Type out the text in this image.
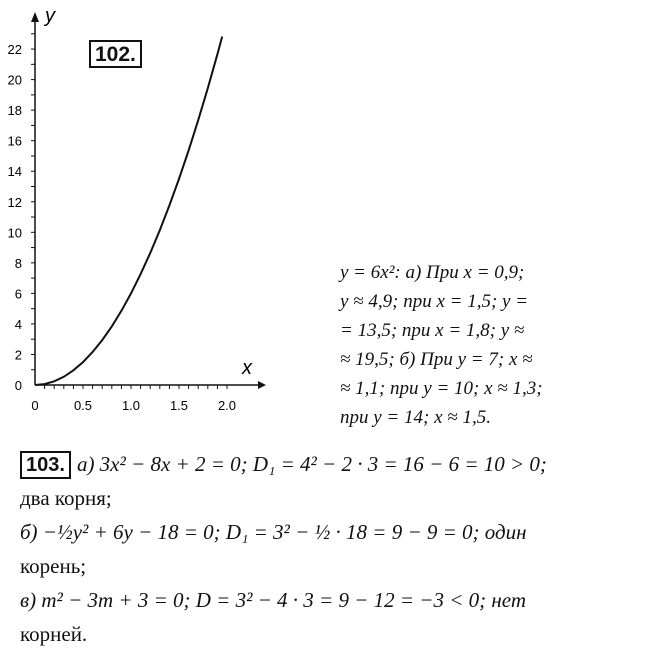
x
y
0	0.5 1.0 1.5 2.0
0
2
4
6
8
10
12
14
16
18
20
22	102.
y = 6x²: а) При x = 0,9;
y ≈ 4,9; при x = 1,5; y =
= 13,5; при x = 1,8; y ≈
≈ 19,5; б) При y = 7; x ≈
≈ 1,1; при y = 10; x ≈ 1,3;
при y = 14; x ≈ 1,5.
103. а) 3x² − 8x + 2 = 0; D₁ = 4² − 2 · 3 = 16 − 6 = 10 > 0;
два корня;
б) −½y² + 6y − 18 = 0; D₁ = 3² − ½ · 18 = 9 − 9 = 0; один
корень;
в) m² − 3m + 3 = 0; D = 3² − 4 · 3 = 9 − 12 = −3 < 0; нет
корней.
